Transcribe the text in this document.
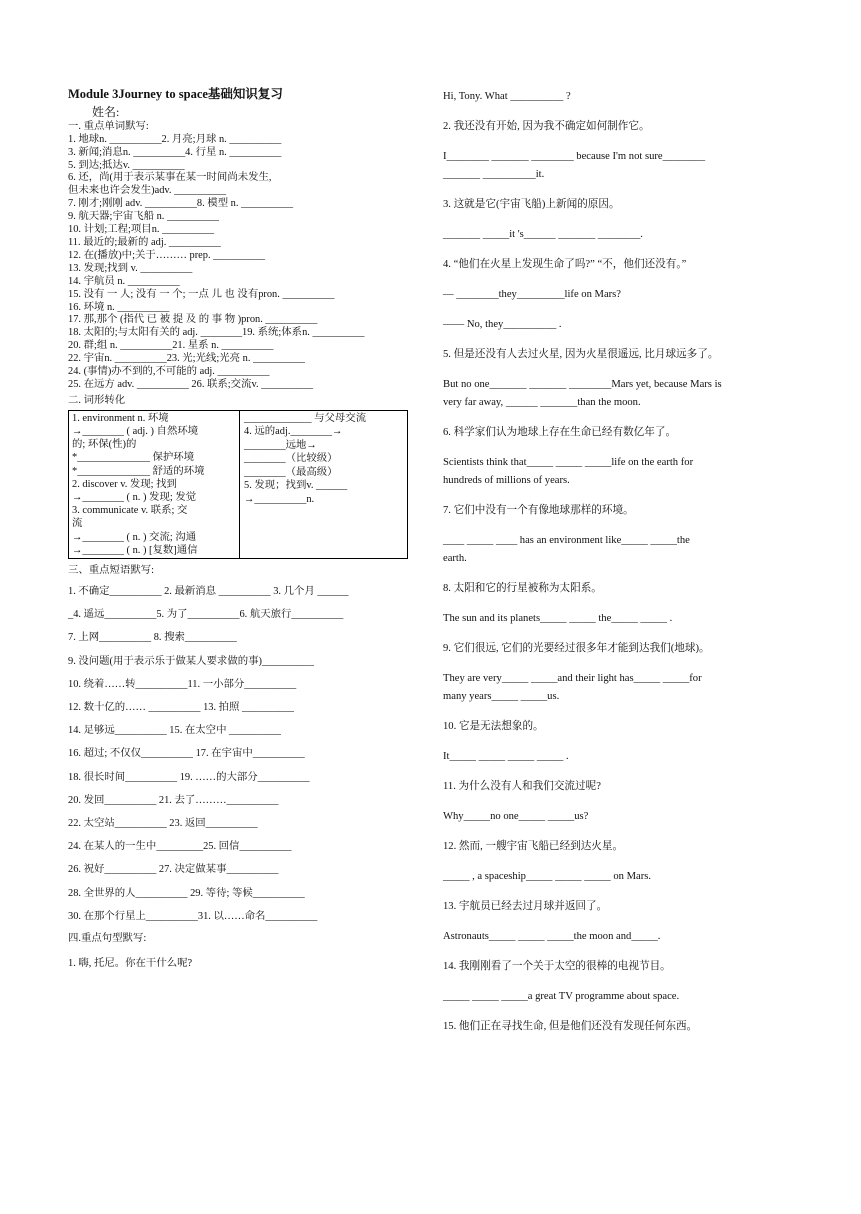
Module 3Journey to space基础知识复习
姓名:
一. 重点单词默写:
1. 地球n. __________2. 月亮;月球 n. __________
3. 新闻;消息n. __________4. 行星 n. __________
5. 到达;抵达v. __________
6. 还，尚(用于表示某事在某一时间尚未发生,
但未来也许会发生)adv. __________
7. 刚才;刚刚 adv. __________8. 模型 n. __________
9. 航天器;宇宙飞船 n. __________
10. 计划;工程;项目n. __________
11. 最近的;最新的 adj. __________
12. 在(播放)中;关于……… prep. __________
13. 发现;找到 v. __________
14. 宇航员 n. __________
15. 没有 一 人; 没有 一 个; 一点 儿 也 没有pron. __________
16. 环境 n. __________
17. 那,那个 (指代 已 被 提 及 的 事 物 )pron. __________
18. 太阳的;与太阳有关的 adj. ________19. 系统;体系n. __________
20. 群;组 n. __________21. 星系 n. __________
22. 宇宙n. __________23. 光;光线;光亮 n. __________
24. (事情)办不到的,不可能的 adj. __________
25. 在远方 adv. __________ 26. 联系;交流v. __________
二. 词形转化
1. environment n. 环境
→________ ( adj. ) 自然环境
的; 环保(性)的
*______________ 保护环境
*______________ 舒适的环境
2. discover v. 发现; 找到
→________ ( n. ) 发现; 发觉
3. communicate v. 联系; 交
流
→________ ( n. ) 交流; 沟通
→________ ( n. ) [复数]通信
_____________ 与父母交流
4. 远的adj.________→
________远地→
________（比较级）
________（最高级）
5. 发现；找到v. ______
→__________n.
三、重点短语默写:
1. 不确定__________ 2. 最新消息 __________ 3. 几个月 ______
_4. 遥远__________5. 为了__________6. 航天旅行__________
7. 上网__________ 8. 搜索__________
9. 没问题(用于表示乐于做某人要求做的事)__________
10. 绕着……转__________11. 一小部分__________
12. 数十亿的…… __________ 13. 拍照 __________
14. 足够远__________ 15. 在太空中 __________
16. 超过; 不仅仅__________ 17. 在宇宙中__________
18. 很长时间__________ 19. ……的大部分__________
20. 发回__________ 21. 去了………__________
22. 太空站__________ 23. 返回__________
24. 在某人的一生中_________25. 回信__________
26. 祝好__________ 27. 决定做某事__________
28. 全世界的人__________ 29. 等待; 等候__________
30. 在那个行星上__________31. 以……命名__________
四.重点句型默写:
1. 嗨, 托尼。你在干什么呢?
Hi, Tony. What __________ ?
2. 我还没有开始, 因为我不确定如何制作它。
I________ _______ ________ because I'm not sure________
_______ __________it.
3. 这就是它(宇宙飞船)上新闻的原因。
_______ _____it 's______ _______ ________.
4. “他们在火星上发现生命了吗?” “不，他们还没有。”
— ________they_________life on Mars?
—— No, they__________ .
5. 但是还没有人去过火星, 因为火星很遥远, 比月球远多了。
But no one_______ _______ ________Mars yet, because Mars is
very far away, ______ _______than the moon.
6. 科学家们认为地球上存在生命已经有数亿年了。
Scientists think that_____ _____ _____life on the earth for
hundreds of millions of years.
7. 它们中没有一个有像地球那样的环境。
____ _____ ____ has an environment like_____ _____the
earth.
8. 太阳和它的行星被称为太阳系。
The sun and its planets_____ _____ the_____ _____ .
9. 它们很远, 它们的光要经过很多年才能到达我们(地球)。
They are very_____ _____and their light has_____ _____for
many years_____ _____us.
10. 它是无法想象的。
It_____ _____ _____ _____ .
11. 为什么没有人和我们交流过呢?
Why_____no one_____ _____us?
12. 然而, 一艘宇宙飞船已经到达火星。
_____ , a spaceship_____ _____ _____ on Mars.
13. 宇航员已经去过月球并返回了。
Astronauts_____ _____ _____the moon and_____.
14. 我刚刚看了一个关于太空的很棒的电视节目。
_____ _____ _____a great TV programme about space.
15. 他们正在寻找生命, 但是他们还没有发现任何东西。
